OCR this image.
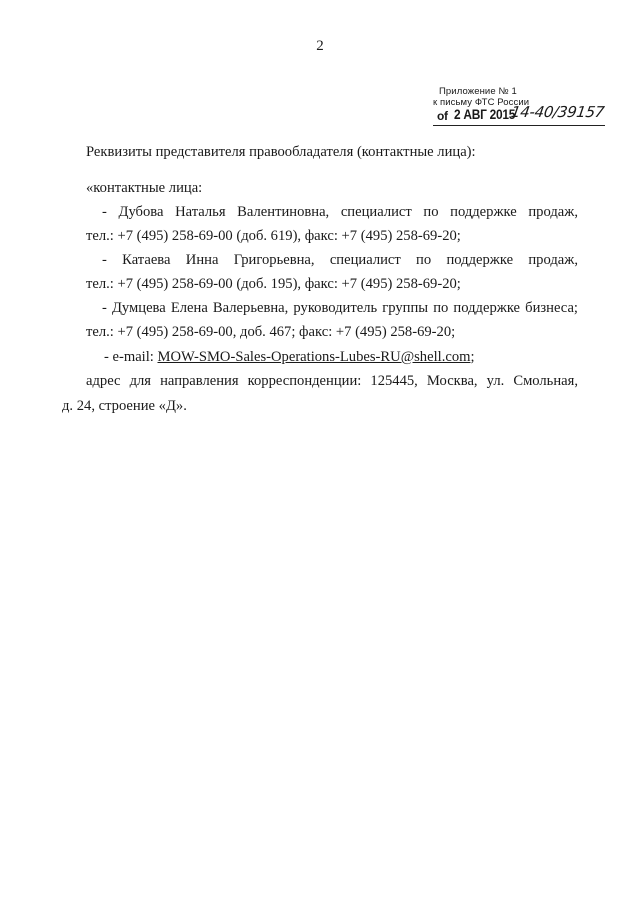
2
Приложение № 1
к письму ФТС России
of 2 АВГ 2015
14-40/39157
Реквизиты представителя правообладателя (контактные лица):
«контактные лица:
- Дубова Наталья Валентиновна, специалист по поддержке продаж,
тел.: +7 (495) 258-69-00 (доб. 619), факс: +7 (495) 258-69-20;
- Катаева Инна Григорьевна, специалист по поддержке продаж,
тел.: +7 (495) 258-69-00 (доб. 195), факс: +7 (495) 258-69-20;
- Думцева Елена Валерьевна, руководитель группы по поддержке бизнеса;
тел.: +7 (495) 258-69-00, доб. 467; факс: +7 (495) 258-69-20;
- e-mail: MOW-SMO-Sales-Operations-Lubes-RU@shell.com;
адрес для направления корреспонденции: 125445, Москва, ул. Смольная,
д. 24, строение «Д».
